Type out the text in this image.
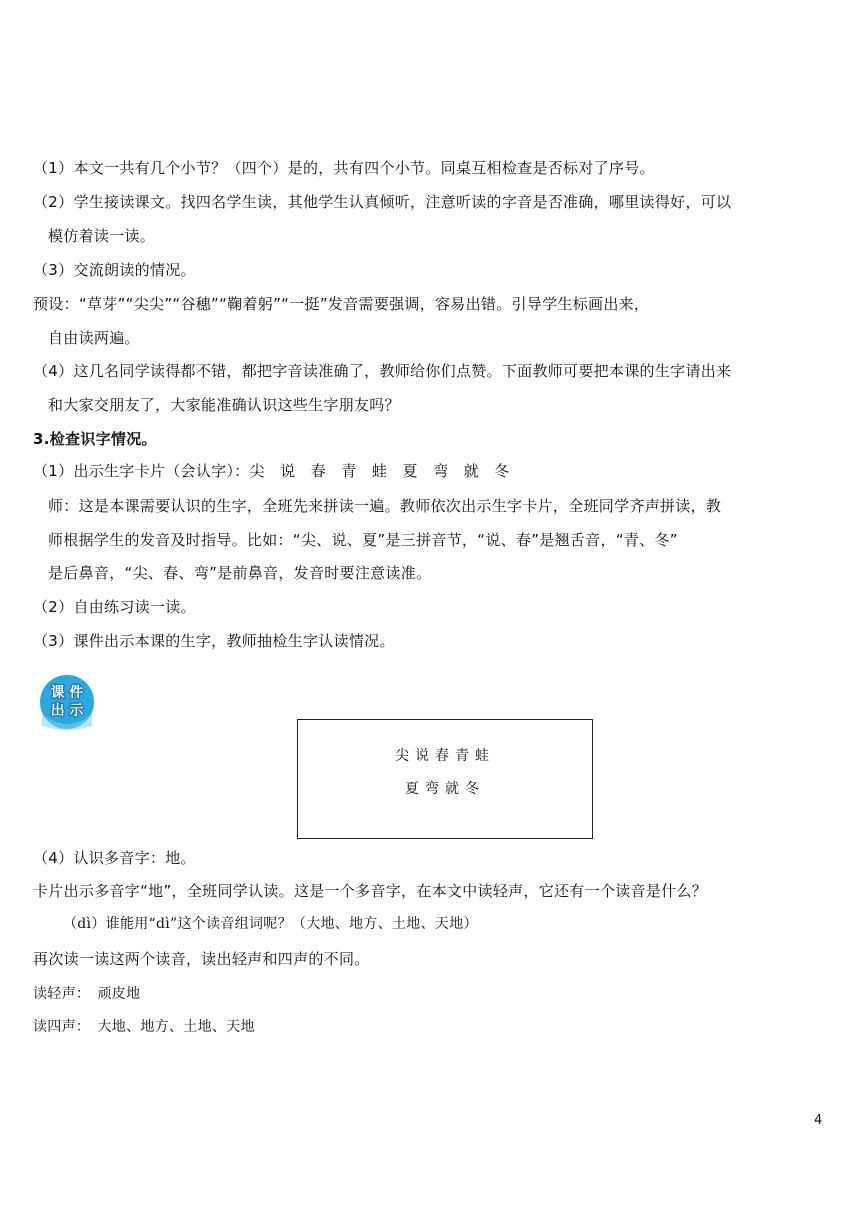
（1）本文一共有几个小节？（四个）是的，共有四个小节。同桌互相检查是否标对了序号。
（2）学生接读课文。找四名学生读，其他学生认真倾听，注意听读的字音是否准确，哪里读得好，可以
模仿着读一读。
（3）交流朗读的情况。
预设：“草芽”“尖尖”“谷穗”“鞠着躬”“一挺”发音需要强调，容易出错。引导学生标画出来，
自由读两遍。
（4）这几名同学读得都不错，都把字音读准确了，教师给你们点赞。下面教师可要把本课的生字请出来
和大家交朋友了，大家能准确认识这些生字朋友吗？
3.检查识字情况。
（1）出示生字卡片（会认字）：尖　说　春　青　蛙　夏　弯　就　冬
师：这是本课需要认识的生字，全班先来拼读一遍。教师依次出示生字卡片，全班同学齐声拼读，教
师根据学生的发音及时指导。比如：“尖、说、夏”是三拼音节，“说、春”是翘舌音，“青、冬”
是后鼻音，“尖、春、弯”是前鼻音，发音时要注意读准。
（2）自由练习读一读。
（3）课件出示本课的生字，教师抽检生字认读情况。
课 件
出 示
尖说春青蛙
夏弯就冬
（4）认识多音字：地。
卡片出示多音字“地”，全班同学认读。这是一个多音字，在本文中读轻声，它还有一个读音是什么？
（dì）谁能用“dì”这个读音组词呢？（大地、地方、土地、天地）
再次读一读这两个读音，读出轻声和四声的不同。
读轻声：　顽皮地
读四声：　大地、地方、土地、天地
4
